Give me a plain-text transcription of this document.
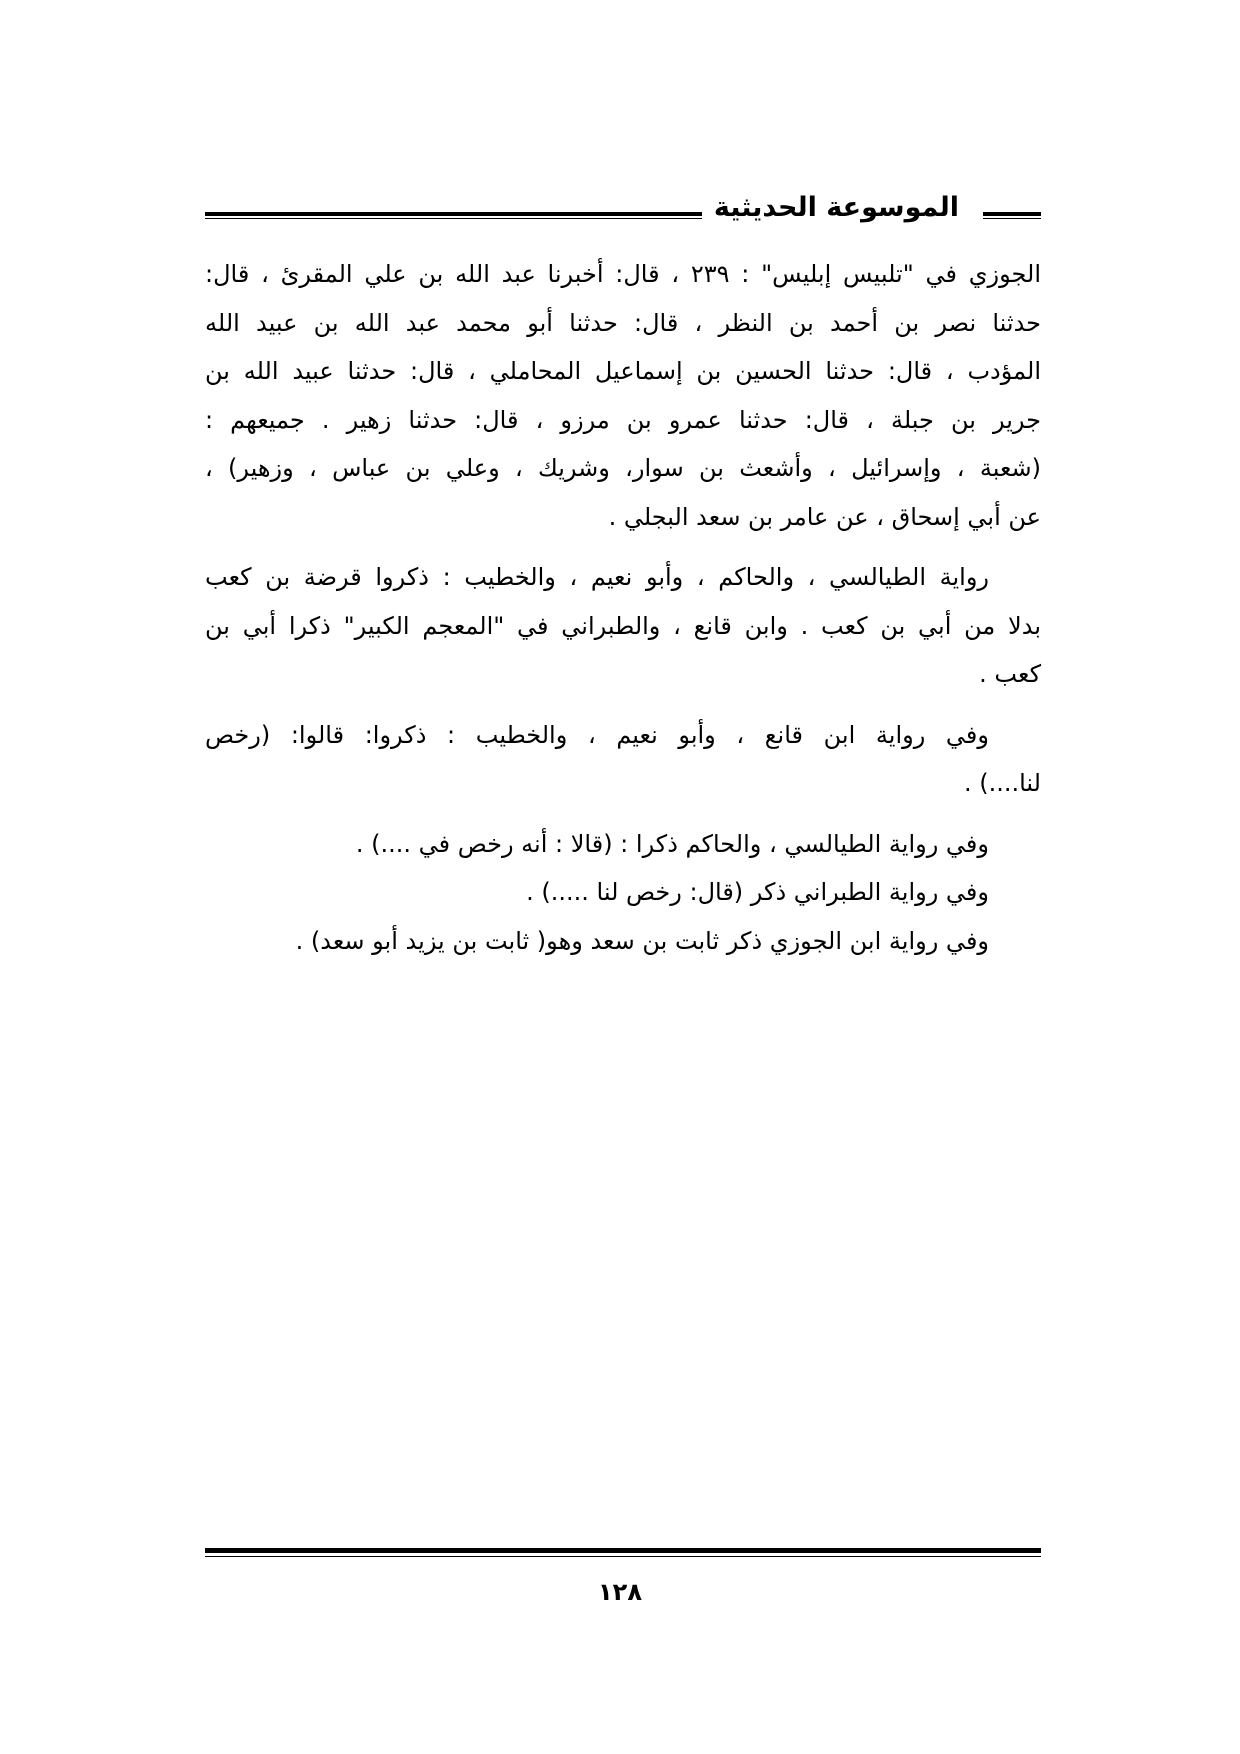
الموسوعة الحديثية

الجوزي في "تلبيس إبليس" : ٢٣٩ ، قال: أخبرنا عبد الله بن علي المقرئ ، قال:
حدثنا نصر بن أحمد بن النظر ، قال: حدثنا أبو محمد عبد الله بن عبيد الله
المؤدب ، قال: حدثنا الحسين بن إسماعيل المحاملي ، قال: حدثنا عبيد الله بن
جرير بن جبلة ، قال: حدثنا عمرو بن مرزو ، قال: حدثنا زهير . جميعهم :
(شعبة ، وإسرائيل ، وأشعث بن سوار، وشريك ، وعلي بن عباس ، وزهير) ،
عن أبي إسحاق ، عن عامر بن سعد البجلي .

رواية الطيالسي ، والحاكم ، وأبو نعيم ، والخطيب : ذكروا قرضة بن كعب
بدلا من أبي بن كعب . وابن قانع ، والطبراني في "المعجم الكبير" ذكرا أبي بن
كعب .

وفي رواية ابن قانع ، وأبو نعيم ، والخطيب : ذكروا: قالوا: (رخص
لنا....) .

وفي رواية الطيالسي ، والحاكم ذكرا : (قالا : أنه رخص في ....) .
وفي رواية الطبراني ذكر (قال: رخص لنا .....) .
وفي رواية ابن الجوزي ذكر ثابت بن سعد وهو( ثابت بن يزيد أبو سعد) .

١٢٨
